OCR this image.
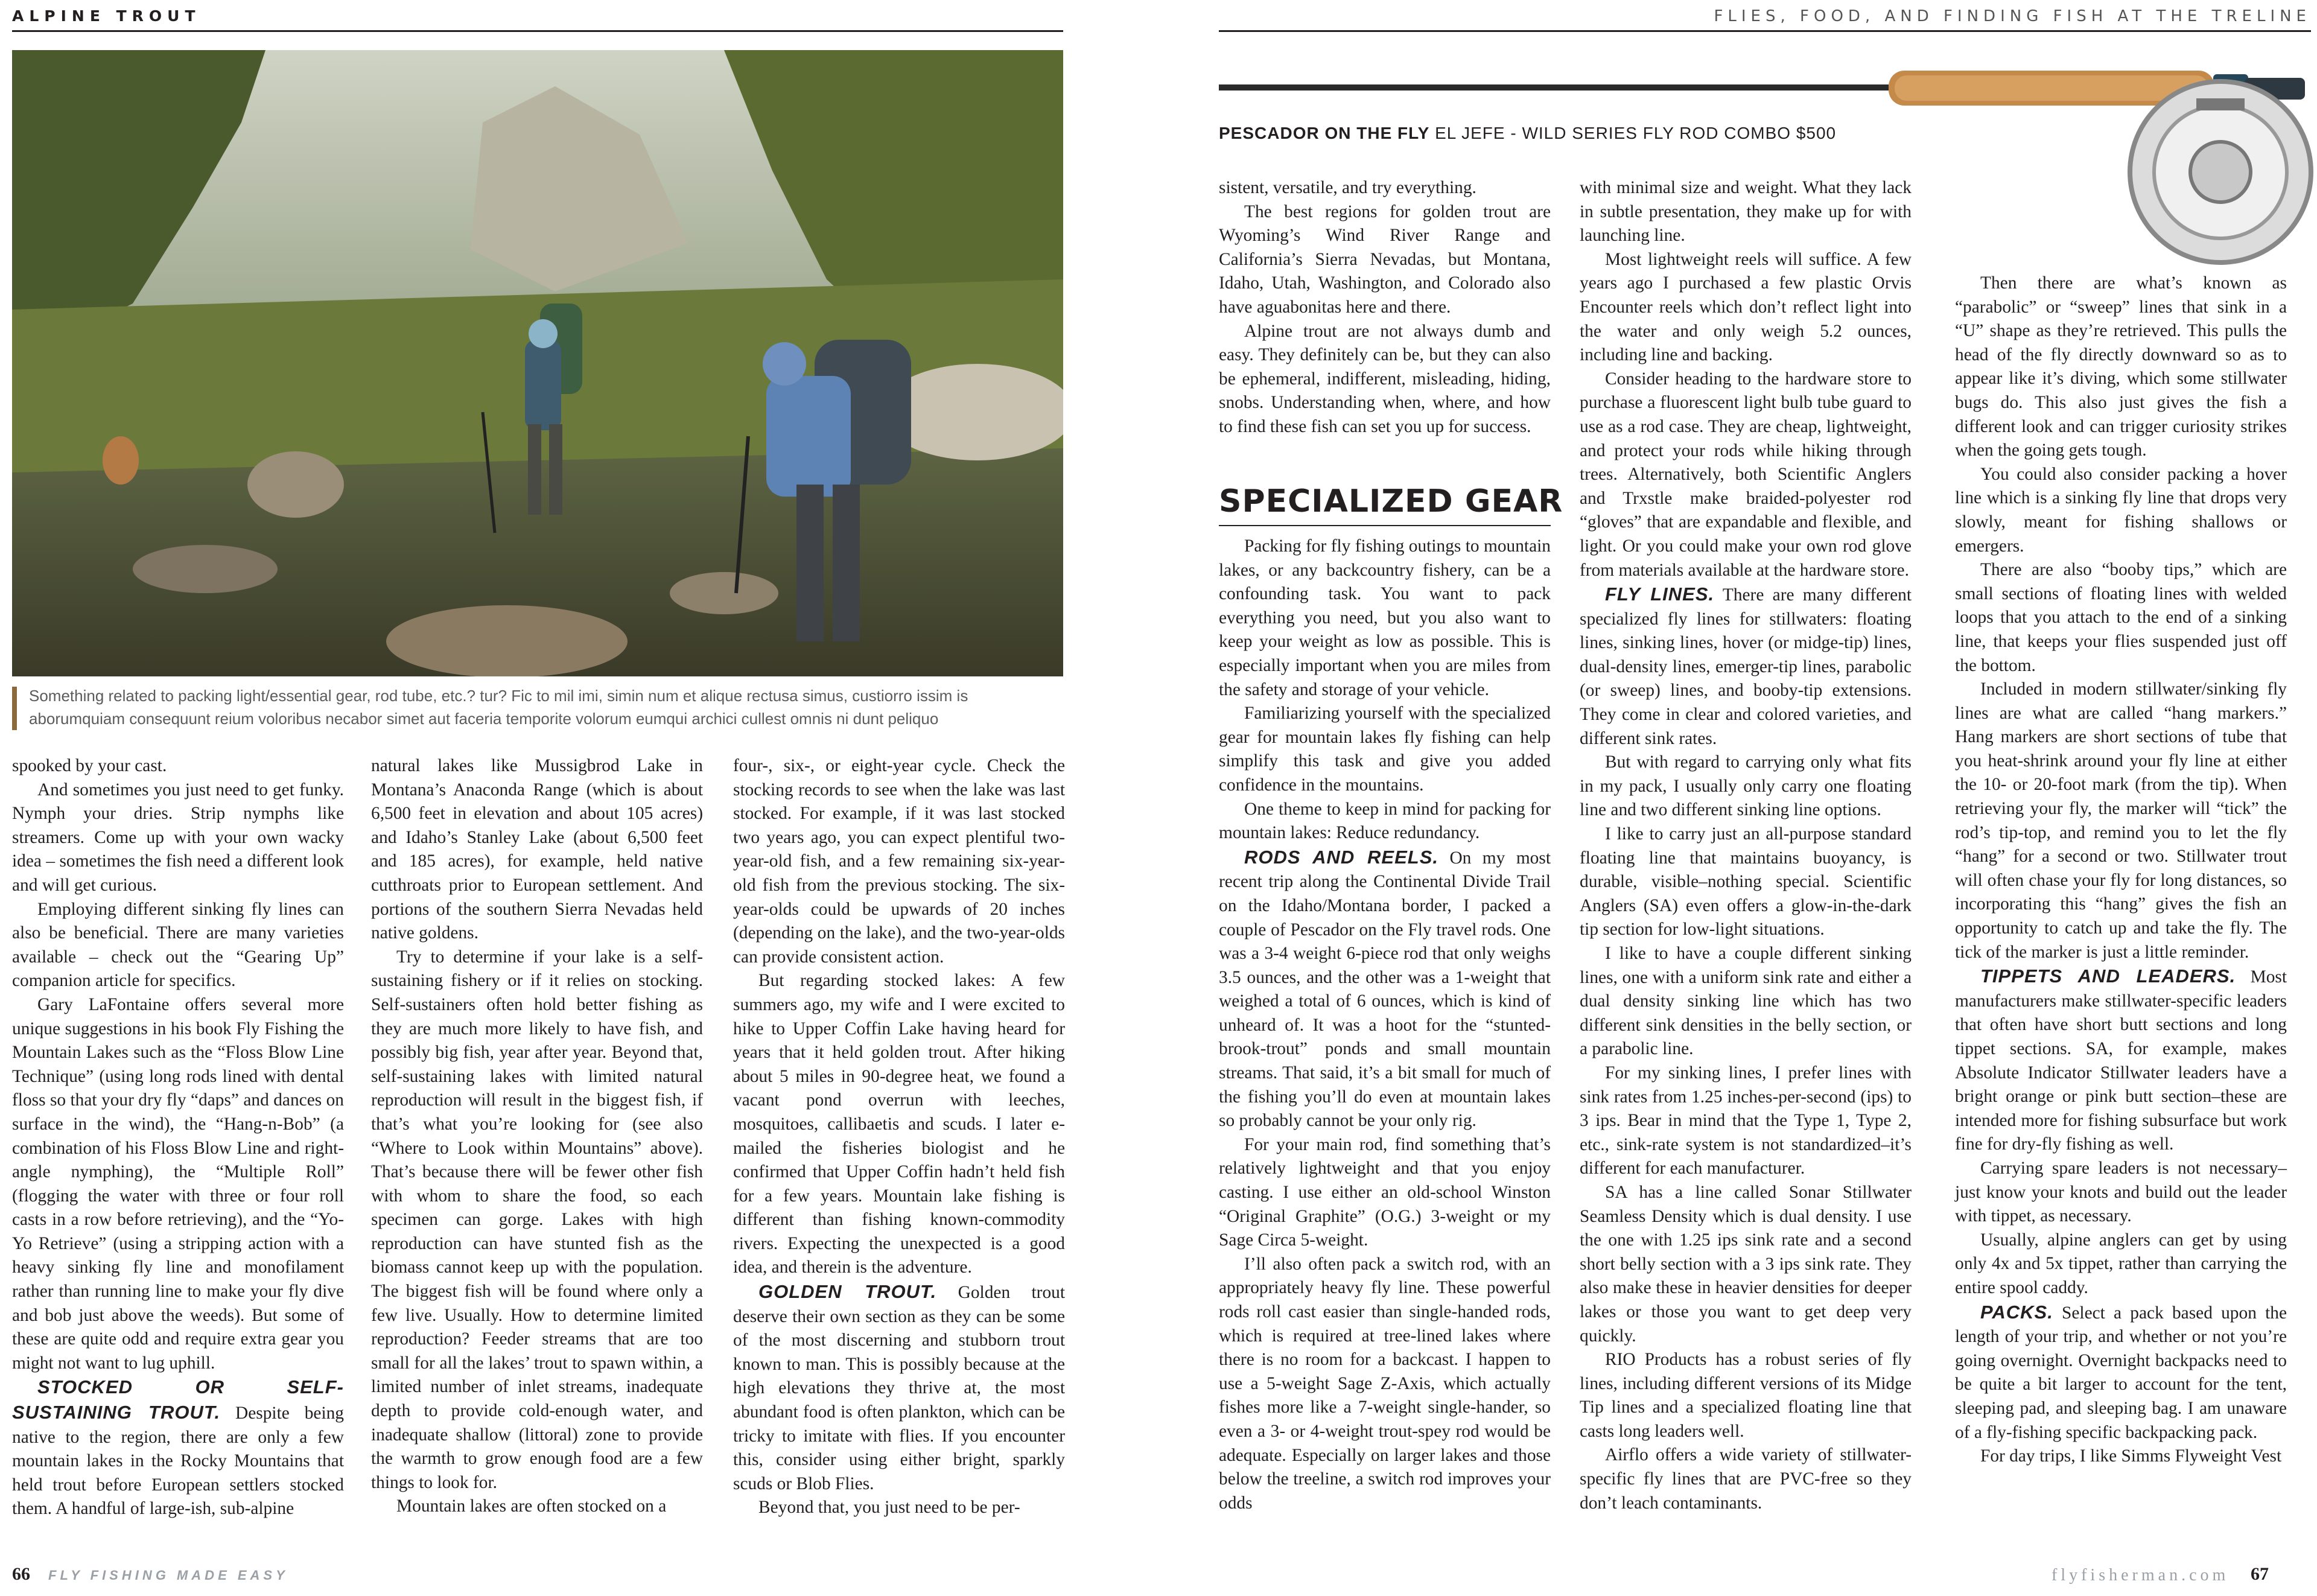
ALPINE TROUT	FLIES, FOOD, AND FINDING FISH AT THE TRELINE
Something related to packing light/essential gear, rod tube, etc.? tur? Fic to mil imi, simin num et alique rectusa simus, custiorro issim is
aborumquiam consequunt reium voloribus necabor simet aut faceria temporite volorum eumqui archici cullest omnis ni dunt peliquo

spooked by your cast.

And sometimes you just need to get funky. Nymph your dries. Strip nymphs like streamers. Come up with your own wacky idea – sometimes the fish need a different look and will get curious.

Employing different sinking fly lines can also be beneficial. There are many varieties available – check out the “Gearing Up” companion article for specifics.

Gary LaFontaine offers several more unique suggestions in his book Fly Fishing the Mountain Lakes such as the “Floss Blow Line Technique” (using long rods lined with dental floss so that your dry fly “daps” and dances on surface in the wind), the “Hang-n-Bob” (a combination of his Floss Blow Line and right-angle nymphing), the “Multiple Roll” (flogging the water with three or four roll casts in a row before retrieving), and the “Yo-Yo Retrieve” (using a stripping action with a heavy sinking fly line and monofilament rather than running line to make your fly dive and bob just above the weeds). But some of these are quite odd and require extra gear you might not want to lug uphill.

STOCKED OR SELF-SUSTAINING TROUT. Despite being native to the region, there are only a few mountain lakes in the Rocky Mountains that held trout before European settlers stocked them. A handful of large-ish, sub-alpine

natural lakes like Mussigbrod Lake in Montana’s Anaconda Range (which is about 6,500 feet in elevation and about 105 acres) and Idaho’s Stanley Lake (about 6,500 feet and 185 acres), for example, held native cutthroats prior to European settlement. And portions of the southern Sierra Nevadas held native goldens.

Try to determine if your lake is a self-sustaining fishery or if it relies on stocking. Self-sustainers often hold better fishing as they are much more likely to have fish, and possibly big fish, year after year. Beyond that, self-sustaining lakes with limited natural reproduction will result in the biggest fish, if that’s what you’re looking for (see also “Where to Look within Mountains” above). That’s because there will be fewer other fish with whom to share the food, so each specimen can gorge. Lakes with high reproduction can have stunted fish as the biomass cannot keep up with the population. The biggest fish will be found where only a few live. Usually. How to determine limited reproduction? Feeder streams that are too small for all the lakes’ trout to spawn within, a limited number of inlet streams, inadequate depth to provide cold-enough water, and inadequate shallow (littoral) zone to provide the warmth to grow enough food are a few things to look for.

Mountain lakes are often stocked on a

four-, six-, or eight-year cycle. Check the stocking records to see when the lake was last stocked. For example, if it was last stocked two years ago, you can expect plentiful two-year-old fish, and a few remaining six-year-old fish from the previous stocking. The six-year-olds could be upwards of 20 inches (depending on the lake), and the two-year-olds can provide consistent action.

But regarding stocked lakes: A few summers ago, my wife and I were excited to hike to Upper Coffin Lake having heard for years that it held golden trout. After hiking about 5 miles in 90-degree heat, we found a vacant pond overrun with leeches, mosquitoes, callibaetis and scuds. I later e-mailed the fisheries biologist and he confirmed that Upper Coffin hadn’t held fish for a few years. Mountain lake fishing is different than fishing known-commodity rivers. Expecting the unexpected is a good idea, and therein is the adventure.

GOLDEN TROUT. Golden trout deserve their own section as they can be some of the most discerning and stubborn trout known to man. This is possibly because at the high elevations they thrive at, the most abundant food is often plankton, which can be tricky to imitate with flies. If you encounter this, consider using either bright, sparkly scuds or Blob Flies.

Beyond that, you just need to be per-

PESCADOR ON THE FLY EL JEFE - WILD SERIES FLY ROD COMBO $500

sistent, versatile, and try everything.

The best regions for golden trout are Wyoming’s Wind River Range and California’s Sierra Nevadas, but Montana, Idaho, Utah, Washington, and Colorado also have aguabonitas here and there.

Alpine trout are not always dumb and easy. They definitely can be, but they can also be ephemeral, indifferent, misleading, hiding, snobs. Understanding when, where, and how to find these fish can set you up for success.

SPECIALIZED GEAR

Packing for fly fishing outings to mountain lakes, or any backcountry fishery, can be a confounding task. You want to pack everything you need, but you also want to keep your weight as low as possible. This is especially important when you are miles from the safety and storage of your vehicle.

Familiarizing yourself with the specialized gear for mountain lakes fly fishing can help simplify this task and give you added confidence in the mountains.

One theme to keep in mind for packing for mountain lakes: Reduce redundancy.

RODS AND REELS. On my most recent trip along the Continental Divide Trail on the Idaho/Montana border, I packed a couple of Pescador on the Fly travel rods. One was a 3-4 weight 6-piece rod that only weighs 3.5 ounces, and the other was a 1-weight that weighed a total of 6 ounces, which is kind of unheard of. It was a hoot for the “stunted-brook-trout” ponds and small mountain streams. That said, it’s a bit small for much of the fishing you’ll do even at mountain lakes so probably cannot be your only rig.

For your main rod, find something that’s relatively lightweight and that you enjoy casting. I use either an old-school Winston “Original Graphite” (O.G.) 3-weight or my Sage Circa 5-weight.

I’ll also often pack a switch rod, with an appropriately heavy fly line. These powerful rods roll cast easier than single-handed rods, which is required at tree-lined lakes where there is no room for a backcast. I happen to use a 5-weight Sage Z-Axis, which actually fishes more like a 7-weight single-hander, so even a 3- or 4-weight trout-spey rod would be adequate. Especially on larger lakes and those below the treeline, a switch rod improves your odds

with minimal size and weight. What they lack in subtle presentation, they make up for with launching line.

Most lightweight reels will suffice. A few years ago I purchased a few plastic Orvis Encounter reels which don’t reflect light into the water and only weigh 5.2 ounces, including line and backing.

Consider heading to the hardware store to purchase a fluorescent light bulb tube guard to use as a rod case. They are cheap, lightweight, and protect your rods while hiking through trees. Alternatively, both Scientific Anglers and Trxstle make braided-polyester rod “gloves” that are expandable and flexible, and light. Or you could make your own rod glove from materials available at the hardware store.

FLY LINES. There are many different specialized fly lines for stillwaters: floating lines, sinking lines, hover (or midge-tip) lines, dual-density lines, emerger-tip lines, parabolic (or sweep) lines, and booby-tip extensions. They come in clear and colored varieties, and different sink rates.

But with regard to carrying only what fits in my pack, I usually only carry one floating line and two different sinking line options.

I like to carry just an all-purpose standard floating line that maintains buoyancy, is durable, visible–nothing special. Scientific Anglers (SA) even offers a glow-in-the-dark tip section for low-light situations.

I like to have a couple different sinking lines, one with a uniform sink rate and either a dual density sinking line which has two different sink densities in the belly section, or a parabolic line.

For my sinking lines, I prefer lines with sink rates from 1.25 inches-per-second (ips) to 3 ips. Bear in mind that the Type 1, Type 2, etc., sink-rate system is not standardized–it’s different for each manufacturer.

SA has a line called Sonar Stillwater Seamless Density which is dual density. I use the one with 1.25 ips sink rate and a second short belly section with a 3 ips sink rate. They also make these in heavier densities for deeper lakes or those you want to get deep very quickly.

RIO Products has a robust series of fly lines, including different versions of its Midge Tip lines and a specialized floating line that casts long leaders well.

Airflo offers a wide variety of stillwater-specific fly lines that are PVC-free so they don’t leach contaminants.

Then there are what’s known as “parabolic” or “sweep” lines that sink in a “U” shape as they’re retrieved. This pulls the head of the fly directly downward so as to appear like it’s diving, which some stillwater bugs do. This also just gives the fish a different look and can trigger curiosity strikes when the going gets tough.

You could also consider packing a hover line which is a sinking fly line that drops very slowly, meant for fishing shallows or emergers.

There are also “booby tips,” which are small sections of floating lines with welded loops that you attach to the end of a sinking line, that keeps your flies suspended just off the bottom.

Included in modern stillwater/sinking fly lines are what are called “hang markers.” Hang markers are short sections of tube that you heat-shrink around your fly line at either the 10- or 20-foot mark (from the tip). When retrieving your fly, the marker will “tick” the rod’s tip-top, and remind you to let the fly “hang” for a second or two. Stillwater trout will often chase your fly for long distances, so incorporating this “hang” gives the fish an opportunity to catch up and take the fly. The tick of the marker is just a little reminder.

TIPPETS AND LEADERS. Most manufacturers make stillwater-specific leaders that often have short butt sections and long tippet sections. SA, for example, makes Absolute Indicator Stillwater leaders have a bright orange or pink butt section–these are intended more for fishing subsurface but work fine for dry-fly fishing as well.

Carrying spare leaders is not necessary–just know your knots and build out the leader with tippet, as necessary.

Usually, alpine anglers can get by using only 4x and 5x tippet, rather than carrying the entire spool caddy.

PACKS. Select a pack based upon the length of your trip, and whether or not you’re going overnight. Overnight backpacks need to be quite a bit larger to account for the tent, sleeping pad, and sleeping bag. I am unaware of a fly-fishing specific backpacking pack.

For day trips, I like Simms Flyweight Vest

66 FLY FISHING MADE EASY	flyfisherman.com 67
